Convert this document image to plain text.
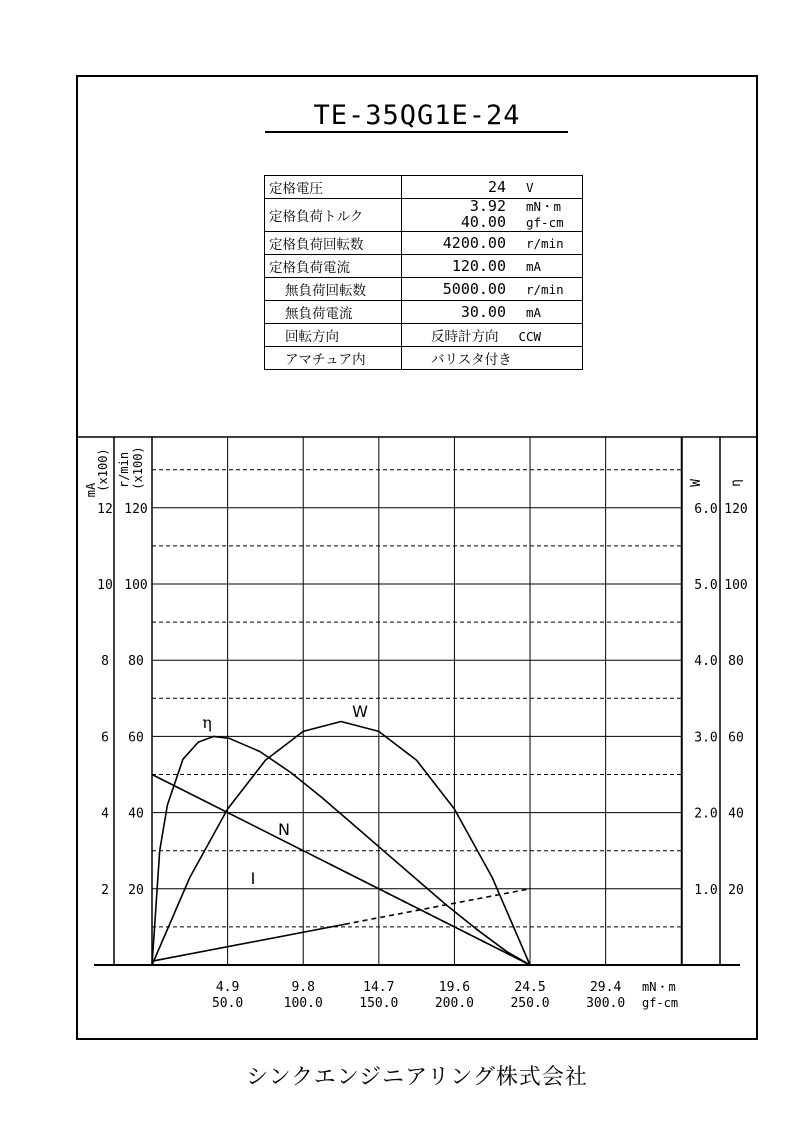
TE-35QG1E-24
定格電圧	24 V
定格負荷トルク	3.92 mN・m
40.00 gf-cm
定格負荷回転数	4200.00 r/min
定格負荷電流	120.00 mA
無負荷回転数	5000.00 r/min
無負荷電流	30.00 mA
回転方向	反時計方向 CCW
アマチュア内	バリスタ付き
mA
(x100) r/min (x100)	W η
2 20	1.0 20
4 40	2.0 40
6 60	3.0 60
8 80	4.0 80
10 100	5.0 100
12 120	6.0 120
4.9
50.0
9.8
100.0
14.7
150.0
19.6
200.0
24.5
250.0
29.4
300.0
mN・m
gf-cm
η
W
N
I
シンクエンジニアリング株式会社
